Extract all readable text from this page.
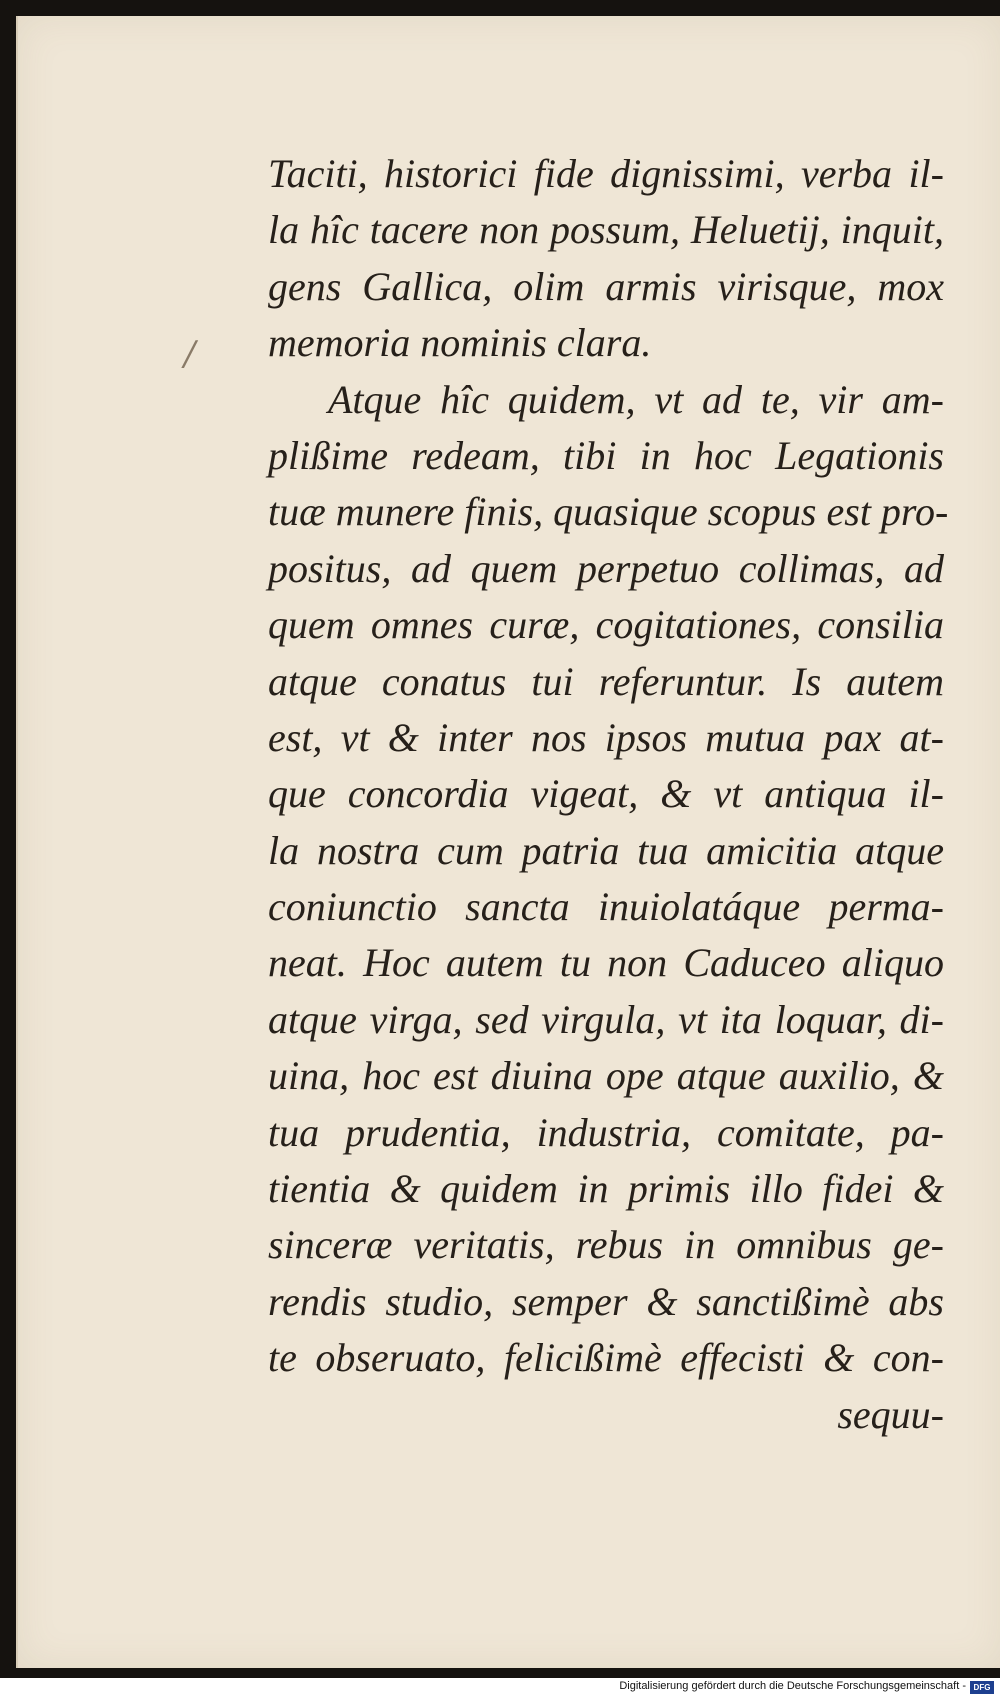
/
Taciti, historici fide dignissimi, verba il-
la hîc tacere non possum, Heluetij, inquit,
gens Gallica, olim armis virisque, mox
memoria nominis clara.
Atque hîc quidem, vt ad te, vir am-
plißime redeam, tibi in hoc Legationis
tuæ munere finis, quasique scopus est pro-
positus, ad quem perpetuo collimas, ad
quem omnes curæ, cogitationes, consilia
atque conatus tui referuntur. Is autem
est, vt & inter nos ipsos mutua pax at-
que concordia vigeat, & vt antiqua il-
la nostra cum patria tua amicitia atque
coniunctio sancta inuiolatáque perma-
neat. Hoc autem tu non Caduceo aliquo
atque virga, sed virgula, vt ita loquar, di-
uina, hoc est diuina ope atque auxilio, &
tua prudentia, industria, comitate, pa-
tientia & quidem in primis illo fidei &
sinceræ veritatis, rebus in omnibus ge-
rendis studio, semper & sanctißimè abs
te obseruato, felicißimè effecisti & con-
sequu-
Digitalisierung gefördert durch die Deutsche Forschungsgemeinschaft - DFG
